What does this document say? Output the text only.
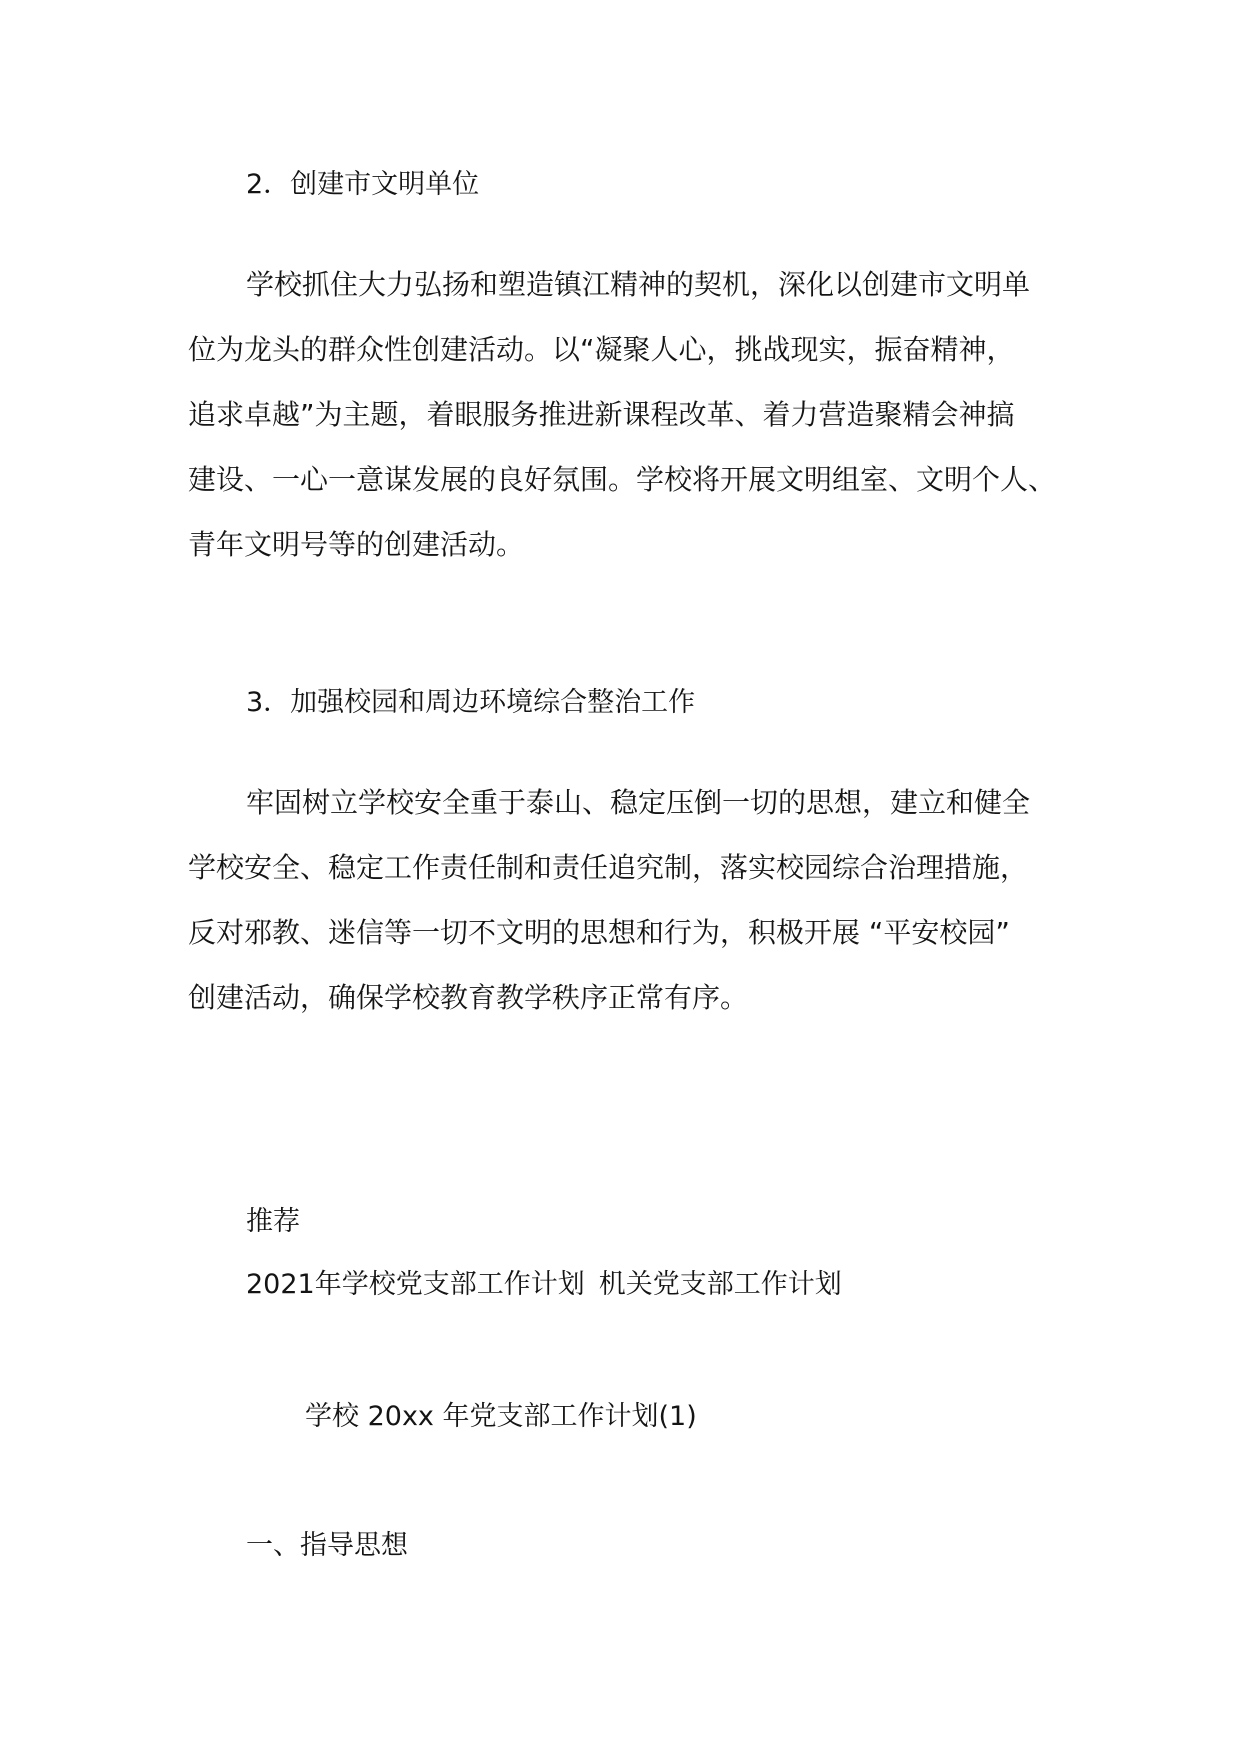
2．创建市文明单位
学校抓住大力弘扬和塑造镇江精神的契机，深化以创建市文明单
位为龙头的群众性创建活动。以“凝聚人心，挑战现实，振奋精神，
追求卓越”为主题，着眼服务推进新课程改革、着力营造聚精会神搞
建设、一心一意谋发展的良好氛围。学校将开展文明组室、文明个人、
青年文明号等的创建活动。
3．加强校园和周边环境综合整治工作
牢固树立学校安全重于泰山、稳定压倒一切的思想，建立和健全
学校安全、稳定工作责任制和责任追究制，落实校园综合治理措施，
反对邪教、迷信等一切不文明的思想和行为，积极开展 “平安校园”
创建活动，确保学校教育教学秩序正常有序。
推荐
2021年学校党支部工作计划 机关党支部工作计划
学校 20xx 年党支部工作计划(1)
一、指导思想
